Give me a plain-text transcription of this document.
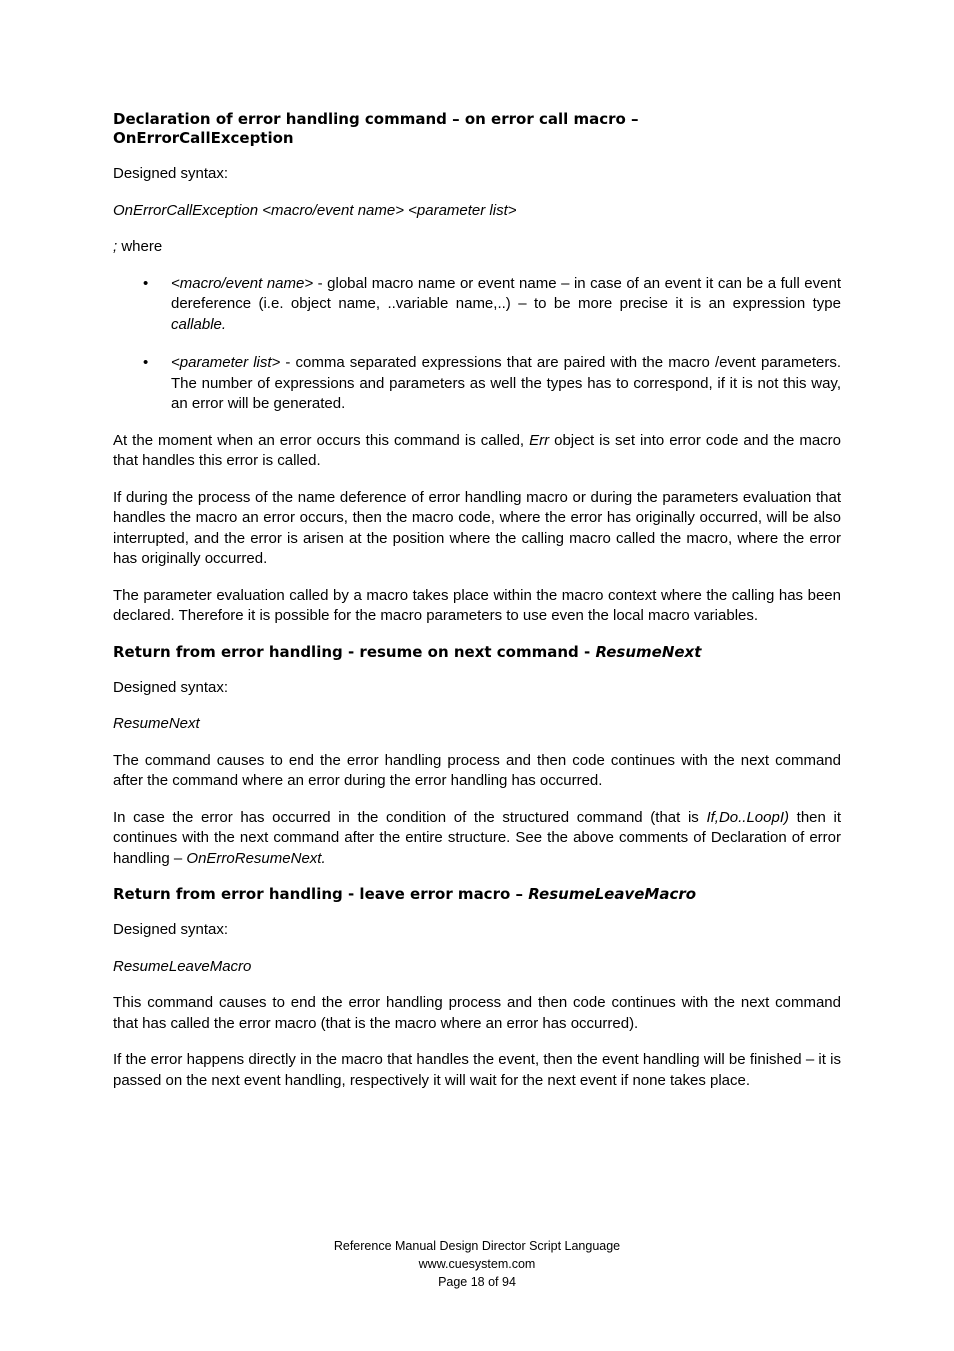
Declaration of error handling command – on error call macro –
OnErrorCallException

Designed syntax:

OnErrorCallException <macro/event name> <parameter list>

; where

• <macro/event name> - global macro name or event name – in case of an event it can be a full event dereference (i.e. object name, ..variable name,..) – to be more precise it is an expression type callable.
• <parameter list> - comma separated expressions that are paired with the macro /event parameters. The number of expressions and parameters as well the types has to correspond, if it is not this way, an error will be generated.

At the moment when an error occurs this command is called, Err object is set into error code and the macro that handles this error is called.

If during the process of the name deference of error handling macro or during the parameters evaluation that handles the macro an error occurs, then the macro code, where the error has originally occurred, will be also interrupted, and the error is arisen at the position where the calling macro called the macro, where the error has originally occurred.

The parameter evaluation called by a macro takes place within the macro context where the calling has been declared. Therefore it is possible for the macro parameters to use even the local macro variables.

Return from error handling - resume on next command - ResumeNext

Designed syntax:

ResumeNext

The command causes to end the error handling process and then code continues with the next command after the command where an error during the error handling has occurred.

In case the error has occurred in the condition of the structured command (that is If,Do..LoopI) then it continues with the next command after the entire structure. See the above comments of Declaration of error handling – OnErroResumeNext.

Return from error handling - leave error macro – ResumeLeaveMacro

Designed syntax:

ResumeLeaveMacro

This command causes to end the error handling process and then code continues with the next command that has called the error macro (that is the macro where an error has occurred).

If the error happens directly in the macro that handles the event, then the event handling will be finished – it is passed on the next event handling, respectively it will wait for the next event if none takes place.

Reference Manual Design Director Script Language
www.cuesystem.com
Page 18 of 94
